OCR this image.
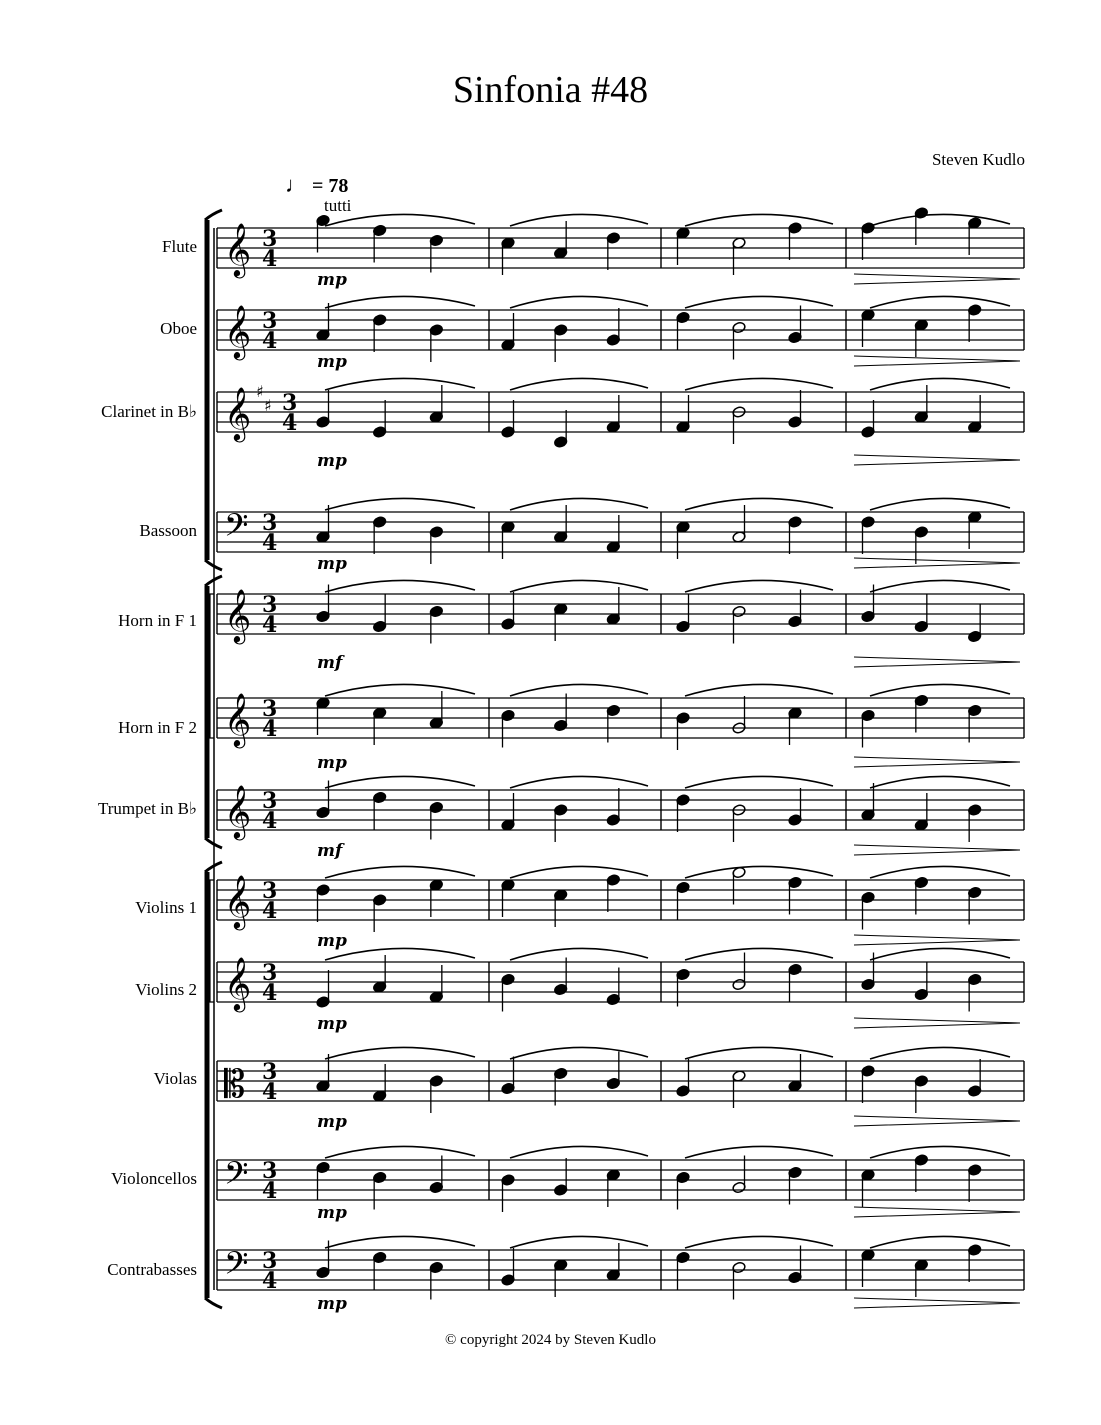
Sinfonia #48
Steven Kudlo
♩ = 78
tutti
Flute
Oboe
Clarinet in B♭
Bassoon
Horn in F 1
Horn in F 2
Trumpet in B♭
Violins 1
Violins 2
Violas
Violoncellos
Contrabasses
𝄞 3
4
mp
𝄞 3
4
mp
𝄞 ♯
♯ 3
4
mp
𝄢 3
4
mp
𝄞 3
4
mf
𝄞 3
4
mp
𝄞 3
4
mf
𝄞 3
4
mp
𝄞 3
4
mp
𝄡 3
4
mp
𝄢 3
4
mp
𝄢 3
4
mp
© copyright 2024 by Steven Kudlo
